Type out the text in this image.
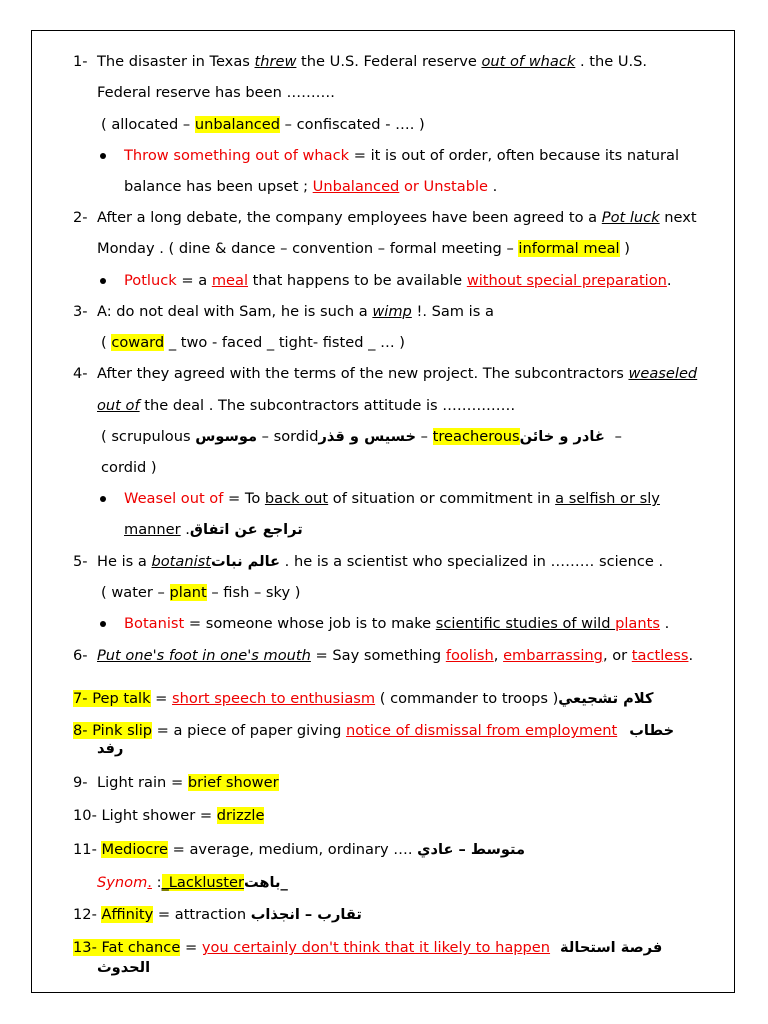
1- The disaster in Texas threw the U.S. Federal reserve out of whack . the U.S.
Federal reserve has been ……….
( allocated – unbalanced – confiscated - …. )
Throw something out of whack = it is out of order, often because its natural
balance has been upset ; Unbalanced or Unstable .
2- After a long debate, the company employees have been agreed to a Pot luck next
Monday . ( dine & dance – convention – formal meeting – informal meal )
Potluck = a meal that happens to be available without special preparation.
3- A: do not deal with Sam, he is such a wimp !. Sam is a
( coward _ two - faced _ tight- fisted _ … )
4- After they agreed with the terms of the new project. The subcontractors weaseled
out of the deal . The subcontractors attitude is ……………
( scrupulous موسوس – sordidخسيس و قذر – treacherous غادر و خائن –
cordid )
Weasel out of = To back out of situation or commitment in a selfish or sly
manner .تراجع عن اتفاق
5- He is a botanistعالم نبات . he is a scientist who specialized in ……… science .
( water – plant – fish – sky )
Botanist = someone whose job is to make scientific studies of wild plants .
6- Put one's foot in one's mouth = Say something foolish, embarrassing, or tactless.
7- Pep talk = short speech to enthusiasm ( commander to troops )كلام تشجيعي
8- Pink slip = a piece of paper giving notice of dismissal from employment خطاب
رفد
9- Light rain = brief shower
10- Light shower = drizzle
11- Mediocre = average, medium, ordinary …. متوسط – عادي
Synom. :_Lackluster_باهت
12- Affinity = attraction تقارب – انجذاب
13- Fat chance = you certainly don't think that it likely to happen فرصة استحالة
الحدوث
